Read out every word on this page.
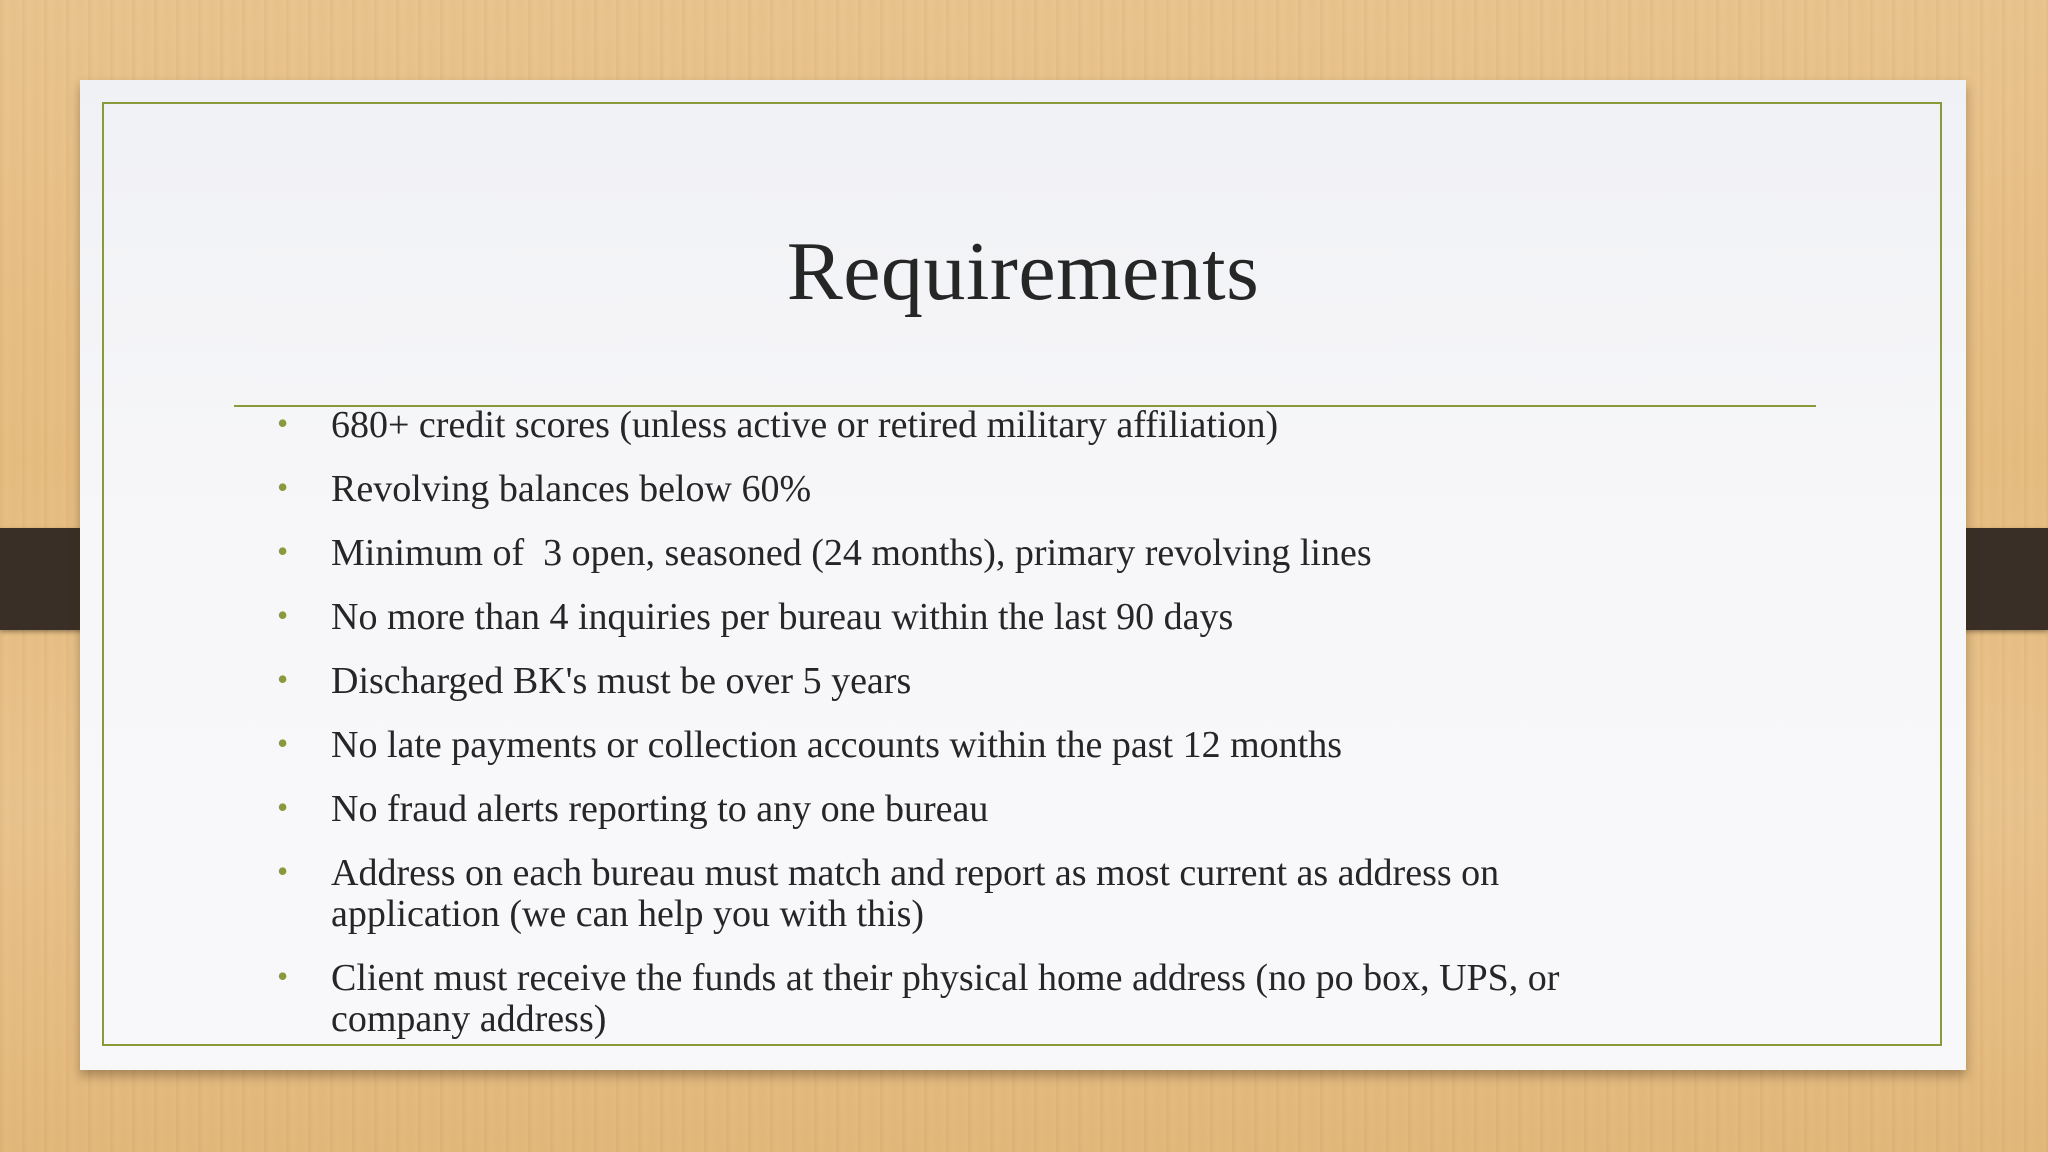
Requirements
• 680+ credit scores (unless active or retired military affiliation)
• Revolving balances below 60%
• Minimum of  3 open, seasoned (24 months), primary revolving lines
• No more than 4 inquiries per bureau within the last 90 days
• Discharged BK's must be over 5 years
• No late payments or collection accounts within the past 12 months
• No fraud alerts reporting to any one bureau
• Address on each bureau must match and report as most current as address on application (we can help you with this)
• Client must receive the funds at their physical home address (no po box, UPS, or company address)
